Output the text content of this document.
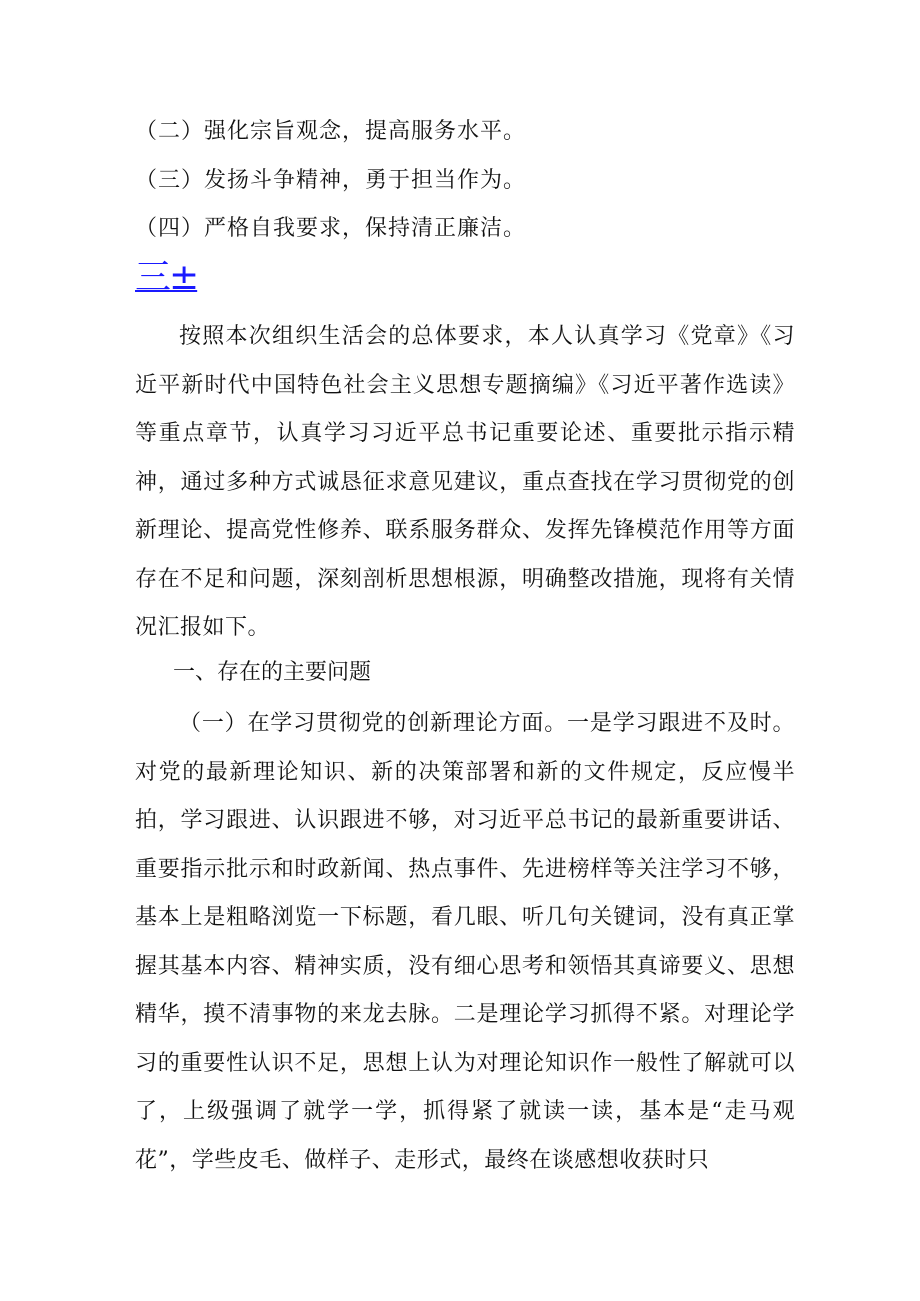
（二）强化宗旨观念，提高服务水平。
（三）发扬斗争精神，勇于担当作为。
（四）严格自我要求，保持清正廉洁。
三±
按照本次组织生活会的总体要求，本人认真学习《党章》《习近平新时代中国特色社会主义思想专题摘编》《习近平著作选读》等重点章节，认真学习习近平总书记重要论述、重要批示指示精神，通过多种方式诚恳征求意见建议，重点查找在学习贯彻党的创新理论、提高党性修养、联系服务群众、发挥先锋模范作用等方面存在不足和问题，深刻剖析思想根源，明确整改措施，现将有关情况汇报如下。
一、存在的主要问题
（一）在学习贯彻党的创新理论方面。一是学习跟进不及时。对党的最新理论知识、新的决策部署和新的文件规定，反应慢半拍，学习跟进、认识跟进不够，对习近平总书记的最新重要讲话、重要指示批示和时政新闻、热点事件、先进榜样等关注学习不够，基本上是粗略浏览一下标题，看几眼、听几句关键词，没有真正掌握其基本内容、精神实质，没有细心思考和领悟其真谛要义、思想精华，摸不清事物的来龙去脉。二是理论学习抓得不紧。对理论学习的重要性认识不足，思想上认为对理论知识作一般性了解就可以了，上级强调了就学一学，抓得紧了就读一读，基本是“走马观花”，学些皮毛、做样子、走形式，最终在谈感想收获时只
